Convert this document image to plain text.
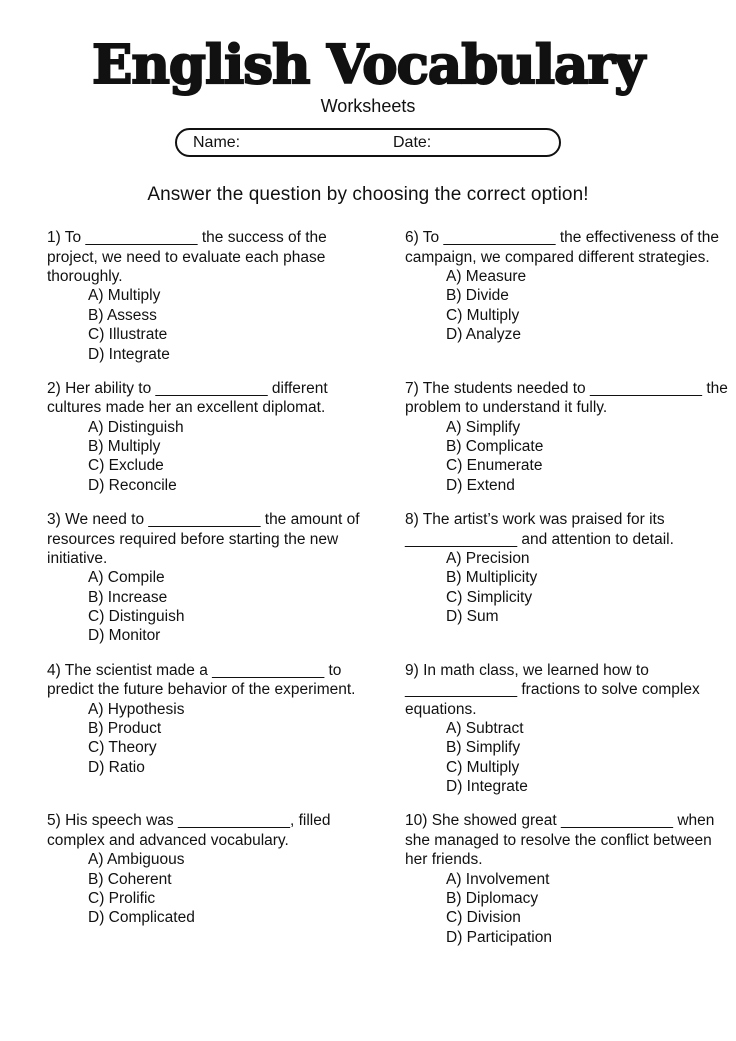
English Vocabulary
Worksheets
Name:	Date:
Answer the question by choosing the correct option!

1) To _____________ the success of the project, we need to evaluate each phase thoroughly.

A) Multiply
B) Assess
C) Illustrate
D) Integrate

2) Her ability to _____________ different cultures made her an excellent diplomat.

A) Distinguish
B) Multiply
C) Exclude
D) Reconcile

3) We need to _____________ the amount of resources required before starting the new initiative.

A) Compile
B) Increase
C) Distinguish
D) Monitor

4) The scientist made a _____________ to predict the future behavior of the experiment.

A) Hypothesis
B) Product
C) Theory
D) Ratio

5) His speech was _____________, filled complex and advanced vocabulary.

A) Ambiguous
B) Coherent
C) Prolific
D) Complicated

6) To _____________ the effectiveness of the campaign, we compared different strategies.

A) Measure
B) Divide
C) Multiply
D) Analyze

7) The students needed to _____________ the problem to understand it fully.

A) Simplify
B) Complicate
C) Enumerate
D) Extend

8) The artist’s work was praised for its _____________ and attention to detail.

A) Precision
B) Multiplicity
C) Simplicity
D) Sum

9) In math class, we learned how to _____________ fractions to solve complex equations.

A) Subtract
B) Simplify
C) Multiply
D) Integrate

10) She showed great _____________ when she managed to resolve the conflict between her friends.

A) Involvement
B) Diplomacy
C) Division
D) Participation
